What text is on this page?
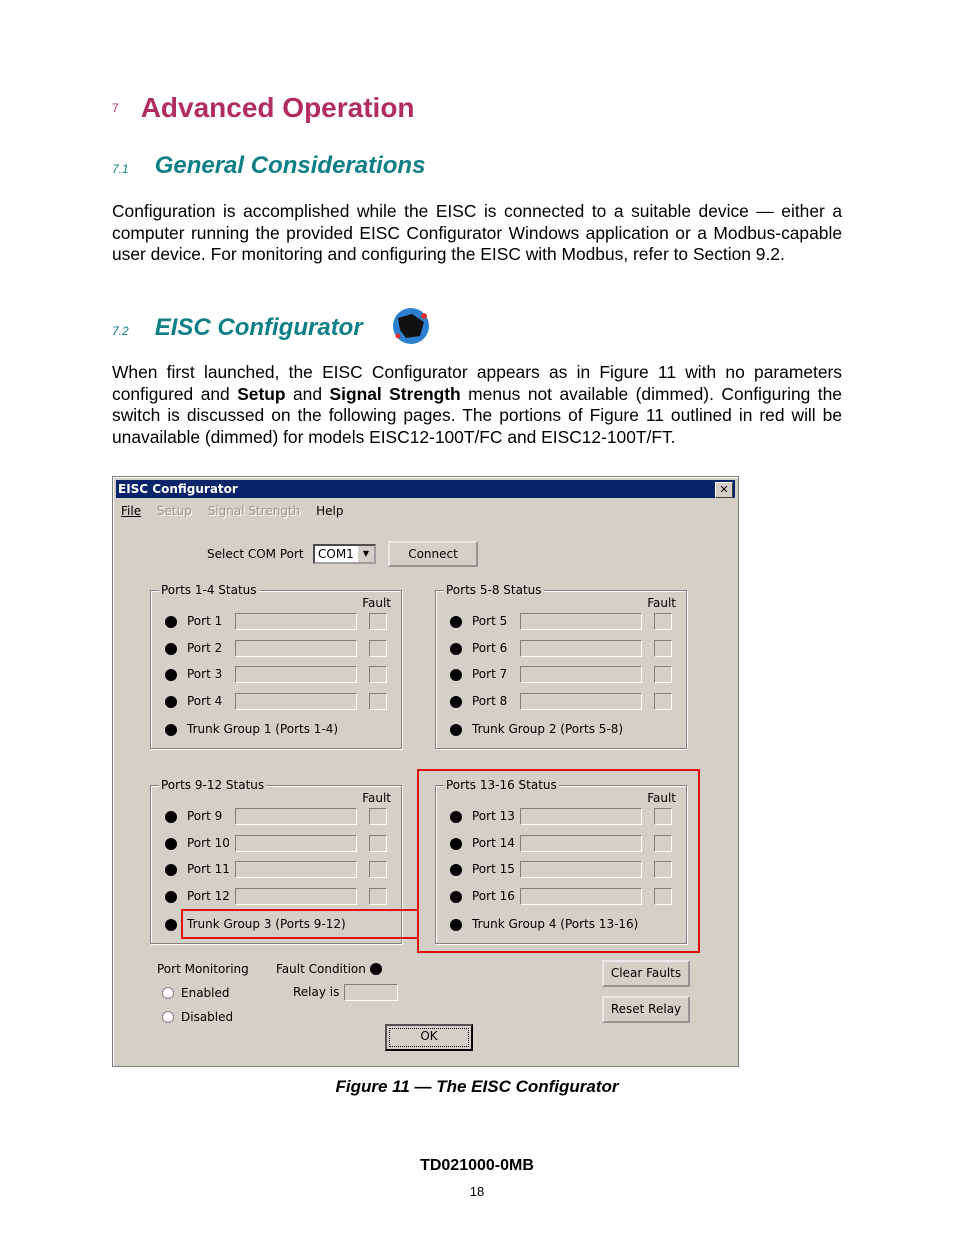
7 Advanced Operation
7.1 General Considerations
Configuration is accomplished while the EISC is connected to a suitable device — either a computer running the provided EISC Configurator Windows application or a Modbus-capable user device. For monitoring and configuring the EISC with Modbus, refer to Section 9.2.
7.2 EISC Configurator
When first launched, the EISC Configurator appears as in Figure 11 with no parameters configured and Setup and Signal Strength menus not available (dimmed). Configuring the switch is discussed on the following pages. The portions of Figure 11 outlined in red will be unavailable (dimmed) for models EISC12-100T/FC and EISC12-100T/FT.
EISC Configurator	✕
File Setup Signal Strength Help
Select COM Port	COM1	▼	Connect
Ports 1-4 Status
Fault
Port 1
Port 2
Port 3
Port 4
Trunk Group 1 (Ports 1-4)
Ports 5-8 Status
Fault
Port 5
Port 6
Port 7
Port 8
Trunk Group 2 (Ports 5-8)
Ports 9-12 Status
Fault
Port 9
Port 10
Port 11
Port 12
Trunk Group 3 (Ports 9-12)
Ports 13-16 Status
Fault
Port 13
Port 14
Port 15
Port 16
Trunk Group 4 (Ports 13-16)
Port Monitoring
Enabled
Disabled
Fault Condition
Relay is
Clear Faults
Reset Relay
OK
Figure 11 — The EISC Configurator
TD021000-0MB
18
